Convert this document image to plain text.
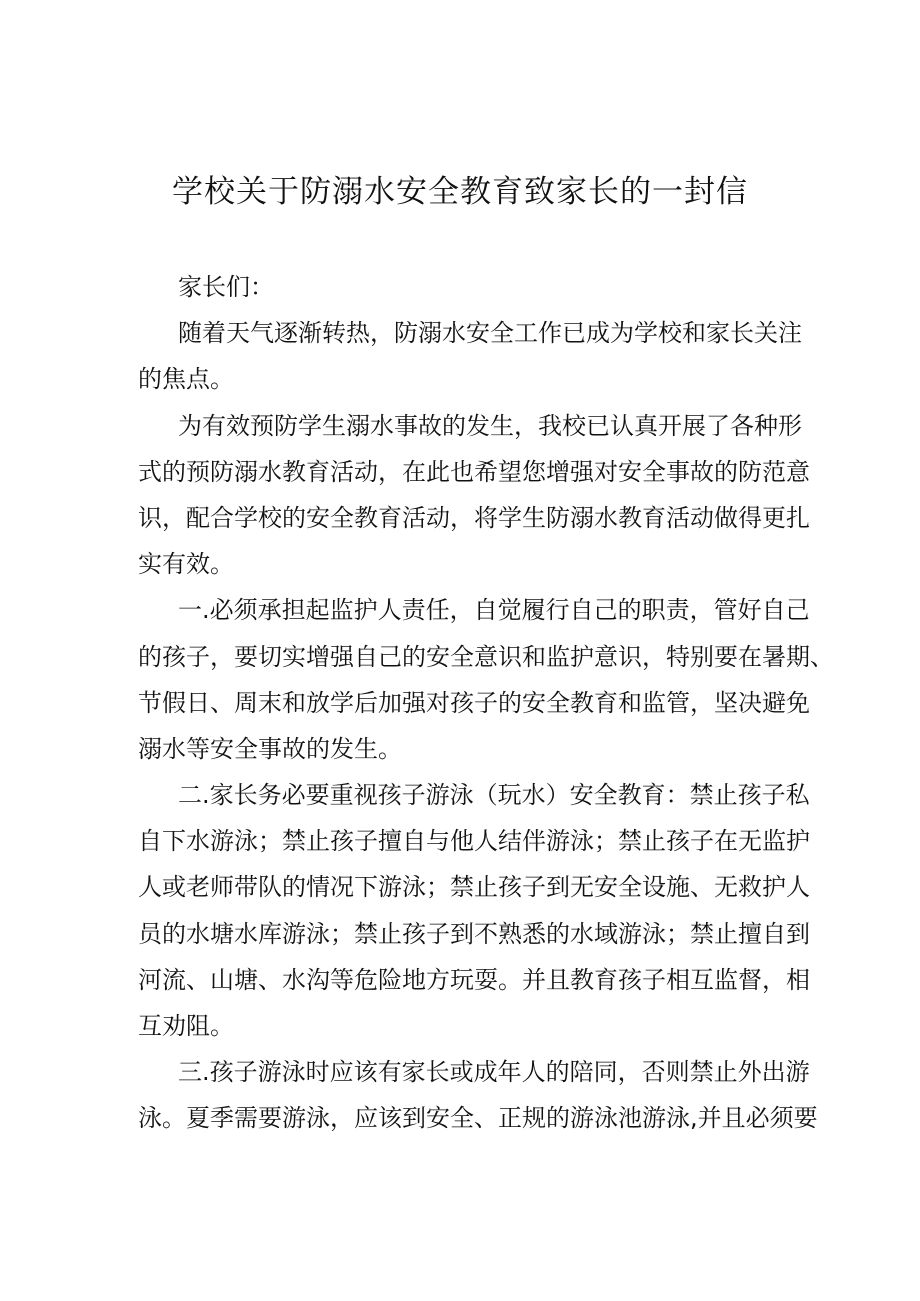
学校关于防溺水安全教育致家长的一封信
家长们：
随着天气逐渐转热，防溺水安全工作已成为学校和家长关注
的焦点。
为有效预防学生溺水事故的发生，我校已认真开展了各种形
式的预防溺水教育活动，在此也希望您增强对安全事故的防范意
识，配合学校的安全教育活动，将学生防溺水教育活动做得更扎
实有效。
一.必须承担起监护人责任，自觉履行自己的职责，管好自己
的孩子，要切实增强自己的安全意识和监护意识，特别要在暑期、
节假日、周末和放学后加强对孩子的安全教育和监管，坚决避免
溺水等安全事故的发生。
二.家长务必要重视孩子游泳（玩水）安全教育：禁止孩子私
自下水游泳；禁止孩子擅自与他人结伴游泳；禁止孩子在无监护
人或老师带队的情况下游泳；禁止孩子到无安全设施、无救护人
员的水塘水库游泳；禁止孩子到不熟悉的水域游泳；禁止擅自到
河流、山塘、水沟等危险地方玩耍。并且教育孩子相互监督，相
互劝阻。
三.孩子游泳时应该有家长或成年人的陪同，否则禁止外出游
泳。夏季需要游泳，应该到安全、正规的游泳池游泳,并且必须要
